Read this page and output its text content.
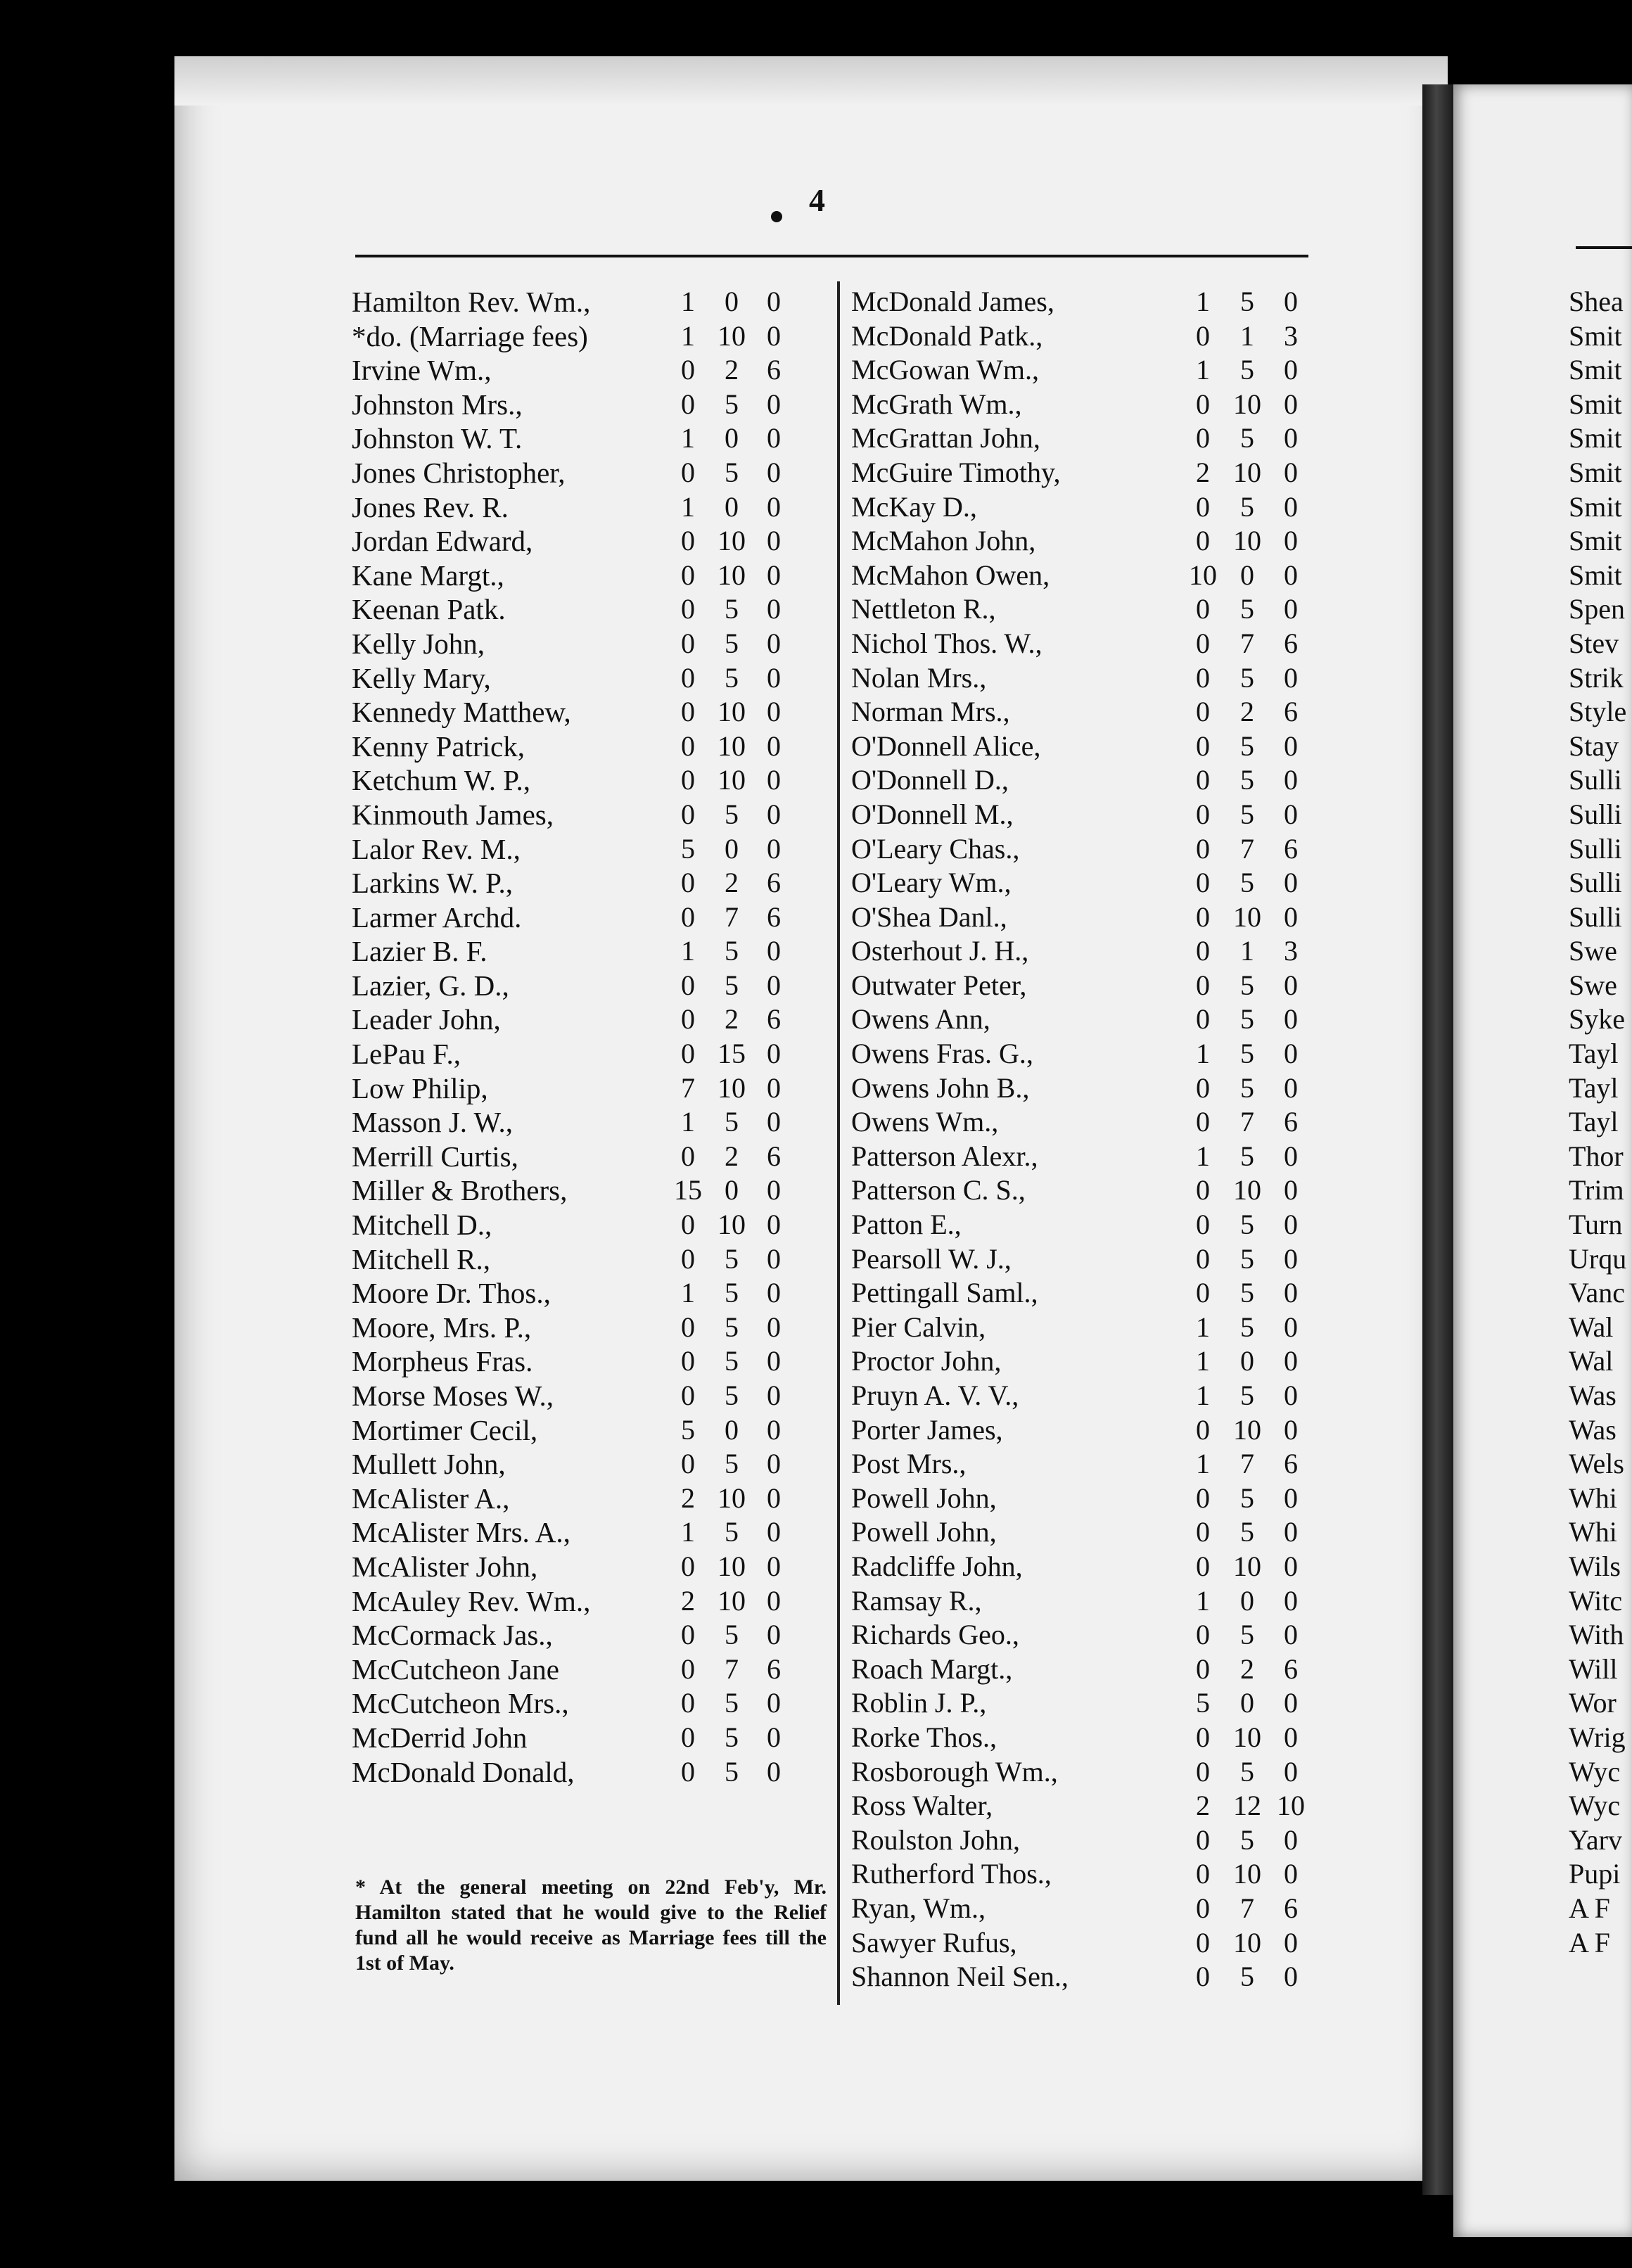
4
Hamilton Rev. Wm.,	1	0	0
*do. (Marriage fees)	1 10 0
Irvine Wm.,	0	2	6
Johnston Mrs.,	0	5	0
Johnston W. T.	1	0	0
Jones Christopher,	0	5	0
Jones Rev. R.	1	0	0
Jordan Edward,	0 10 0
Kane Margt.,	0 10 0
Keenan Patk.	0	5	0
Kelly John,	0	5	0
Kelly Mary,	0	5	0
Kennedy Matthew,	0 10 0
Kenny Patrick,	0 10 0
Ketchum W. P.,	0 10 0
Kinmouth James,	0	5	0
Lalor Rev. M.,	5	0	0
Larkins W. P.,	0	2	6
Larmer Archd.	0	7	6
Lazier B. F.	1	5	0
Lazier, G. D.,	0	5	0
Leader John,	0	2	6
LePau F.,	0 15 0
Low Philip,	7 10 0
Masson J. W.,	1	5	0
Merrill Curtis,	0	2	6
Miller & Brothers,	15 0	0
Mitchell D.,	0 10 0
Mitchell R.,	0	5	0
Moore Dr. Thos.,	1	5	0
Moore, Mrs. P.,	0	5	0
Morpheus Fras.	0	5	0
Morse Moses W.,	0	5	0
Mortimer Cecil,	5	0	0
Mullett John,	0	5	0
McAlister A.,	2 10 0
McAlister Mrs. A.,	1	5	0
McAlister John,	0 10 0
McAuley Rev. Wm.,	2 10 0
McCormack Jas.,	0	5	0
McCutcheon Jane	0	7	6
McCutcheon Mrs.,	0	5	0
McDerrid John	0	5	0
McDonald Donald,	0	5	0
McDonald James,	1	5	0
McDonald Patk.,	0	1	3
McGowan Wm.,	1	5	0
McGrath Wm.,	0 10 0
McGrattan John,	0	5	0
McGuire Timothy,	2 10 0
McKay D.,	0	5	0
McMahon John,	0 10 0
McMahon Owen,	10 0	0
Nettleton R.,	0	5	0
Nichol Thos. W.,	0	7	6
Nolan Mrs.,	0	5	0
Norman Mrs.,	0	2	6
O'Donnell Alice,	0	5	0
O'Donnell D.,	0	5	0
O'Donnell M.,	0	5	0
O'Leary Chas.,	0	7	6
O'Leary Wm.,	0	5	0
O'Shea Danl.,	0 10 0
Osterhout J. H.,	0	1	3
Outwater Peter,	0	5	0
Owens Ann,	0	5	0
Owens Fras. G.,	1	5	0
Owens John B.,	0	5	0
Owens Wm.,	0	7	6
Patterson Alexr.,	1	5	0
Patterson C. S.,	0 10 0
Patton E.,	0	5	0
Pearsoll W. J.,	0	5	0
Pettingall Saml.,	0	5	0
Pier Calvin,	1	5	0
Proctor John,	1	0	0
Pruyn A. V. V.,	1	5	0
Porter James,	0 10 0
Post Mrs.,	1	7	6
Powell John,	0	5	0
Powell John,	0	5	0
Radcliffe John,	0 10 0
Ramsay R.,	1	0	0
Richards Geo.,	0	5	0
Roach Margt.,	0	2	6
Roblin J. P.,	5	0	0
Rorke Thos.,	0 10 0
Rosborough Wm.,	0	5	0
Ross Walter,	2 12 10
Roulston John,	0	5	0
Rutherford Thos.,	0 10 0
Ryan, Wm.,	0	7	6
Sawyer Rufus,	0 10 0
Shannon Neil Sen.,	0	5	0
* At the general meeting on 22nd Feb'y, Mr. Hamilton stated that he would give to the Relief fund all he would receive as Marriage fees till the 1st of May.
Shea
Smit
Smit
Smit
Smit
Smit
Smit
Smit
Smit
Spen
Stev
Strik
Style
Stay
Sulli
Sulli
Sulli
Sulli
Sulli
Swe
Swe
Syke
Tayl
Tayl
Tayl
Thor
Trim
Turn
Urqu
Vanc
Wal
Wal
Was
Was
Wels
Whi
Whi
Wils
Witc
With
Will
Wor
Wrig
Wyc
Wyc
Yarv
Pupi
A F
A F
